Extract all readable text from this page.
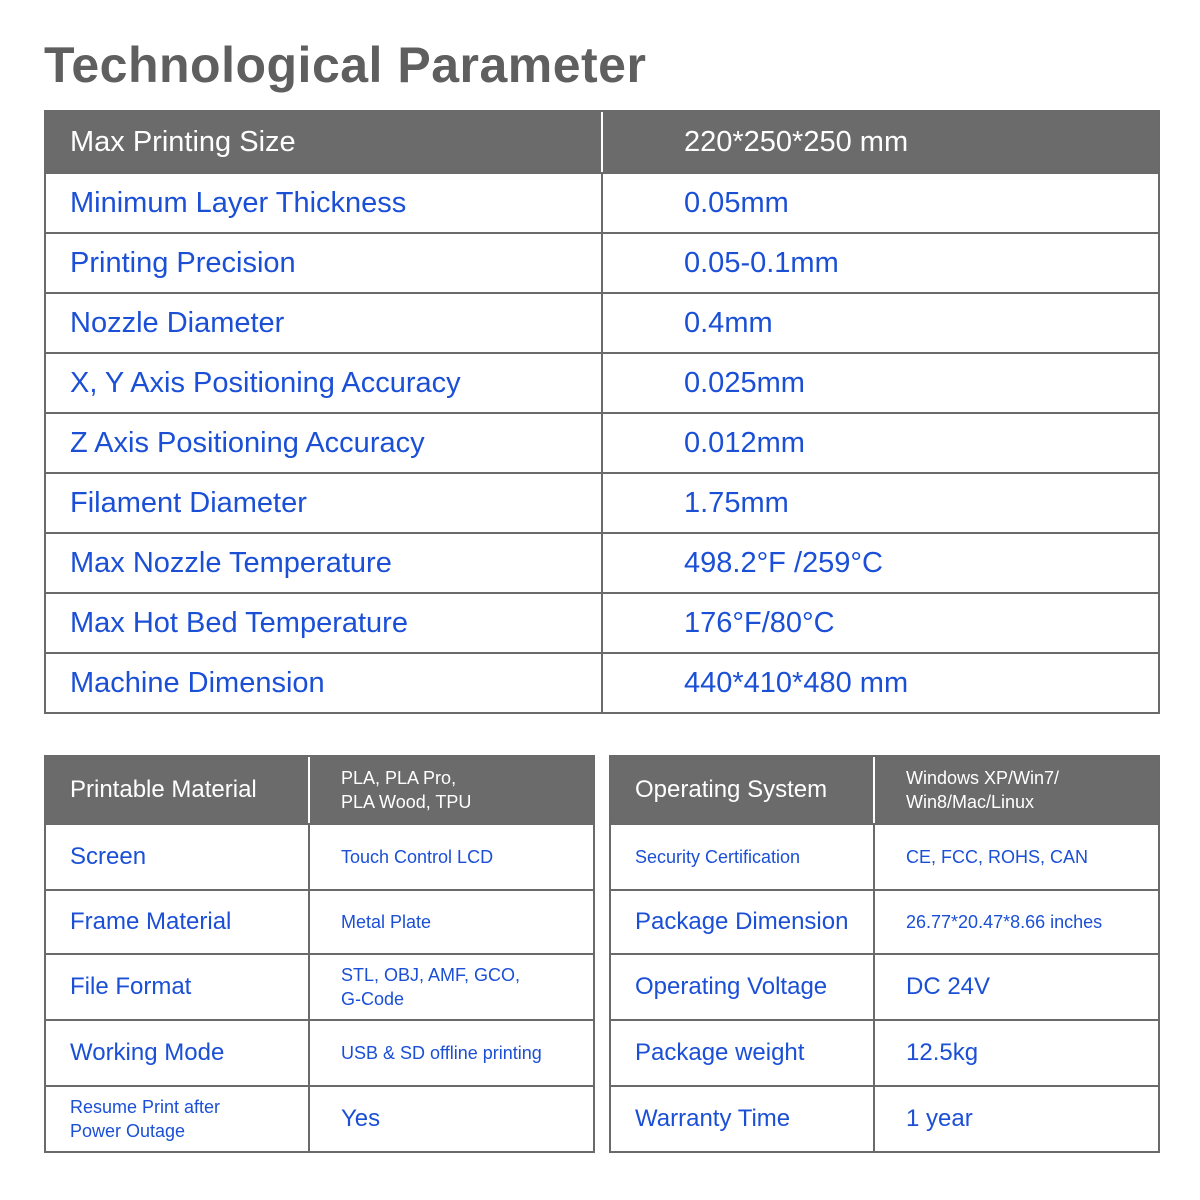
Technological Parameter
Max Printing Size	220*250*250 mm
Minimum Layer Thickness	0.05mm
Printing Precision	0.05-0.1mm
Nozzle Diameter	0.4mm
X, Y Axis Positioning Accuracy	0.025mm
Z Axis Positioning Accuracy	0.012mm
Filament Diameter	1.75mm
Max Nozzle Temperature	498.2°F /259°C
Max Hot Bed Temperature	176°F/80°C
Machine Dimension	440*410*480 mm
Printable Material	PLA, PLA Pro,
PLA Wood, TPU
Screen	Touch Control LCD
Frame Material	Metal Plate
File Format	STL, OBJ, AMF, GCO,
G-Code
Working Mode	USB & SD offline printing
Resume Print after
Power Outage	Yes
Operating System	Windows XP/Win7/
Win8/Mac/Linux
Security Certification	CE, FCC, ROHS, CAN
Package Dimension	26.77*20.47*8.66 inches
Operating Voltage	DC 24V
Package weight	12.5kg
Warranty Time	1 year
